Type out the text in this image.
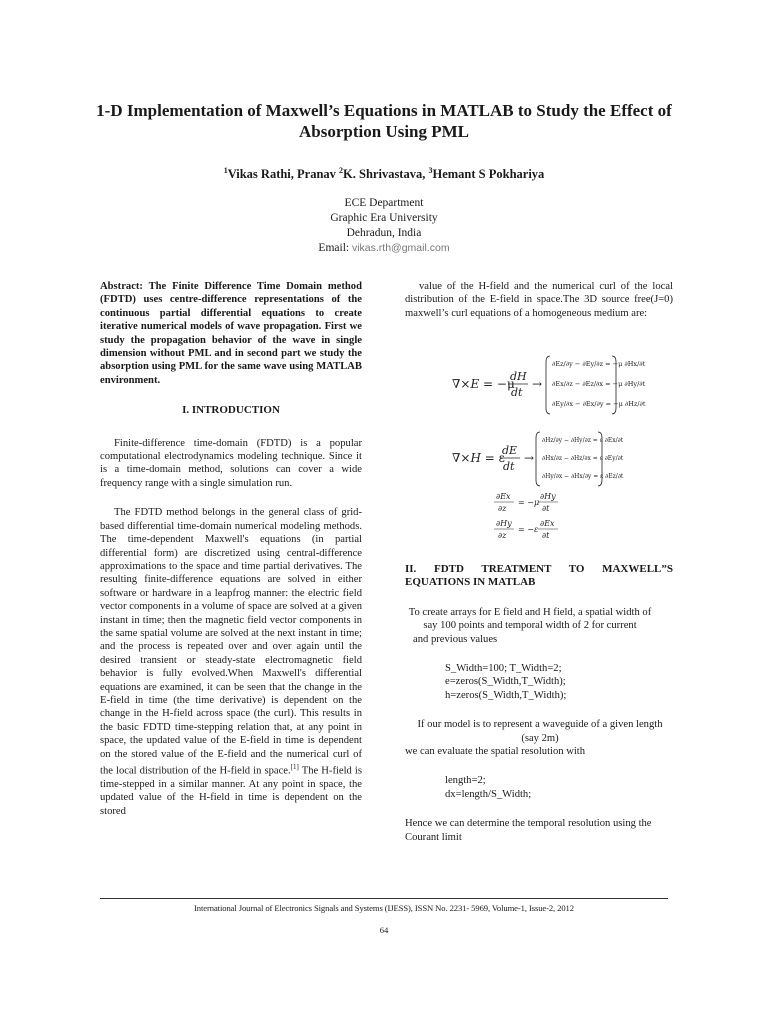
1-D Implementation of Maxwell’s Equations in MATLAB to Study the Effect of
Absorption Using PML
$^1$Vikas Rathi, Pranav $^2$K. Shrivastava, $^3$Hemant S Pokhariya
ECE Department
Graphic Era University
Dehradun, India
Email: vikas.rth@gmail.com

Abstract: The Finite Difference Time Domain method (FDTD) uses centre-difference representations of the continuous partial differential equations to create iterative numerical models of wave propagation. First we study the propagation behavior of the wave in single dimension without PML and in second part we study the absorption using PML for the same wave using MATLAB environment.

I. INTRODUCTION

Finite-difference time-domain (FDTD) is a popular computational electrodynamics modeling technique. Since it is a time-domain method, solutions can cover a wide frequency range with a single simulation run.

The FDTD method belongs in the general class of grid-based differential time-domain numerical modeling methods. The time-dependent Maxwell's equations (in partial differential form) are discretized using central-difference approximations to the space and time partial derivatives. The resulting finite-difference equations are solved in either software or hardware in a leapfrog manner: the electric field vector components in a volume of space are solved at a given instant in time; then the magnetic field vector components in the same spatial volume are solved at the next instant in time; and the process is repeated over and over again until the desired transient or steady-state electromagnetic field behavior is fully evolved.When Maxwell's differential equations are examined, it can be seen that the change in the E-field in time (the time derivative) is dependent on the change in the H-field across space (the curl). This results in the basic FDTD time-stepping relation that, at any point in space, the updated value of the E-field in time is dependent on the stored value of the E-field and the numerical curl of the local distribution of the H-field in space.[1] The H-field is time-stepped in a similar manner. At any point in space, the updated value of the H-field in time is dependent on the stored

value of the H-field and the numerical curl of the local distribution of the E-field in space.The 3D source free(J=0) maxwell’s curl equations of a homogeneous medium are:

∇×E = −μ
dH
dt
→
∂Ez/∂y − ∂Ey/∂z = −μ ∂Hx/∂t
∂Ex/∂z − ∂Ez/∂x = −μ ∂Hy/∂t
∂Ey/∂x − ∂Ex/∂y = −μ ∂Hz/∂t
∇×H = ε
dE
dt
→
∂Hz/∂y − ∂Hy/∂z = ε ∂Ex/∂t
∂Hx/∂z − ∂Hz/∂x = ε ∂Ey/∂t
∂Hy/∂x − ∂Hx/∂y = ε ∂Ez/∂t
∂Ex
∂z
= −μ
∂Hy
∂t
∂Hy
∂z
= −ε
∂Ex
∂t

II. FDTD TREATMENT TO MAXWELL”S EQUATIONS IN MATLAB

To create arrays for E field and H field, a spatial width of say 100 points and temporal width of 2 for current

and previous values

S_Width=100; T_Width=2;
e=zeros(S_Width,T_Width);
h=zeros(S_Width,T_Width);

If our model is to represent a waveguide of a given length (say 2m)

we can evaluate the spatial resolution with

length=2;
dx=length/S_Width;

Hence we can determine the temporal resolution using the Courant limit

International Journal of Electronics Signals and Systems (IJESS), ISSN No. 2231- 5969, Volume-1, Issue-2, 2012
64
